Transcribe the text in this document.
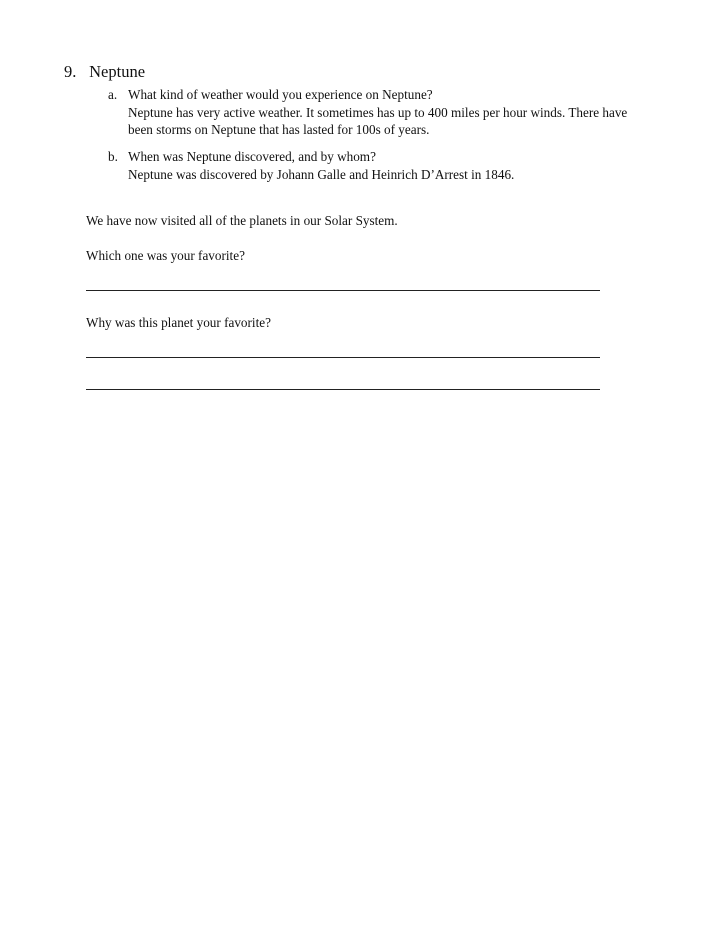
9. Neptune
a. What kind of weather would you experience on Neptune?
Neptune has very active weather. It sometimes has up to 400 miles per hour winds. There have
been storms on Neptune that has lasted for 100s of years.
b. When was Neptune discovered, and by whom?
Neptune was discovered by Johann Galle and Heinrich D’Arrest in 1846.
We have now visited all of the planets in our Solar System.
Which one was your favorite?
Why was this planet your favorite?
